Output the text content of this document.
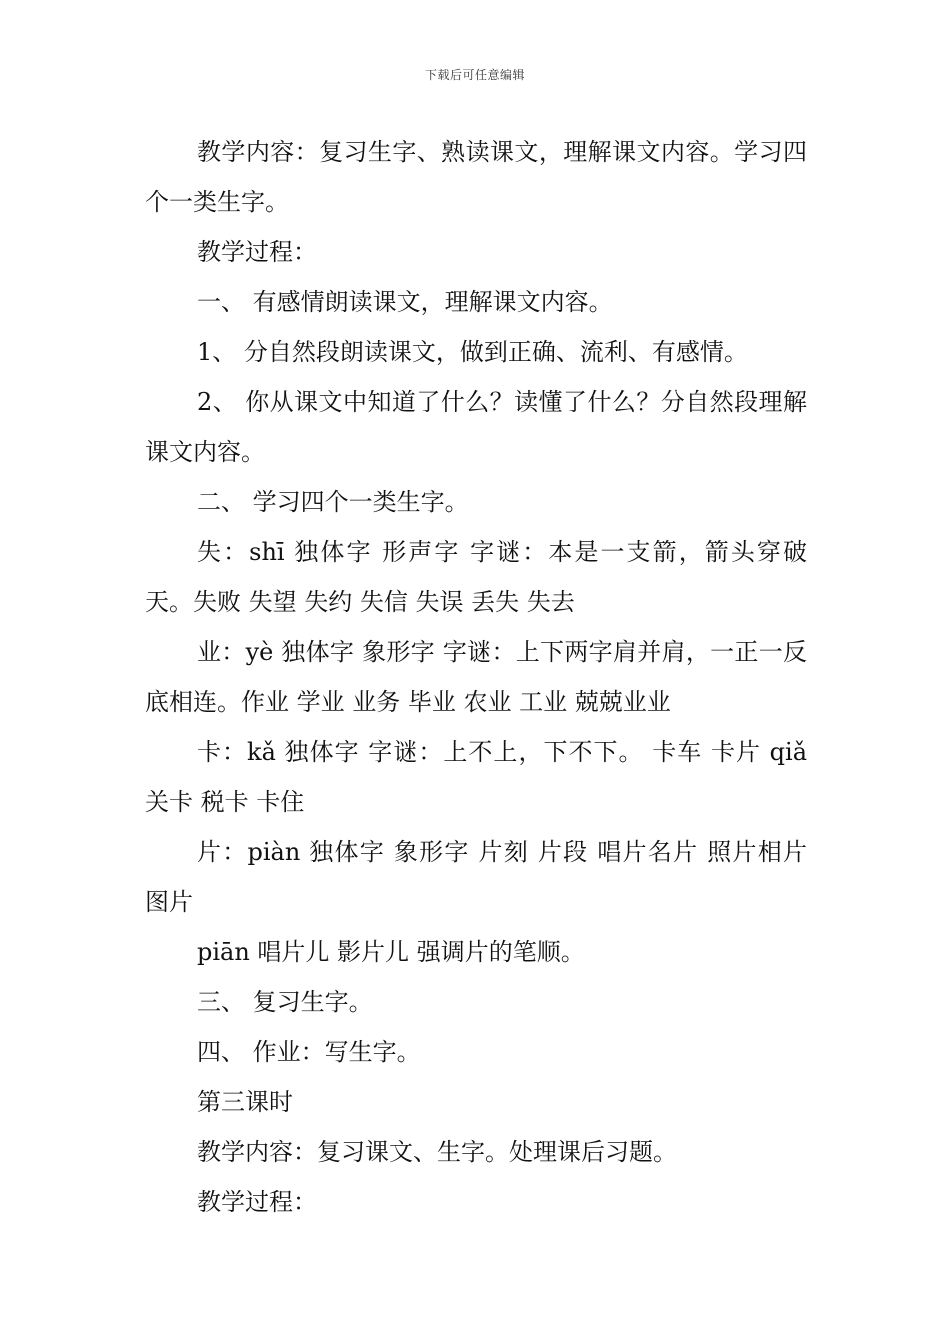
下载后可任意编辑

教学内容：复习生字、熟读课文，理解课文内容。学习四个一类生字。

教学过程：

一、 有感情朗读课文，理解课文内容。

1、 分自然段朗读课文，做到正确、流利、有感情。

2、 你从课文中知道了什么？读懂了什么？分自然段理解课文内容。

二、 学习四个一类生字。

失：shī 独体字 形声字 字谜：本是一支箭，箭头穿破天。失败 失望 失约 失信 失误 丢失 失去

业：yè 独体字 象形字 字谜：上下两字肩并肩，一正一反底相连。作业 学业 业务 毕业 农业 工业 兢兢业业

卡：kǎ 独体字 字谜：上不上，下不下。 卡车 卡片 qiǎ 关卡 税卡 卡住

片：piàn 独体字 象形字 片刻 片段 唱片名片 照片相片 图片

piān 唱片儿 影片儿 强调片的笔顺。

三、 复习生字。

四、 作业：写生字。

第三课时

教学内容：复习课文、生字。处理课后习题。

教学过程：
